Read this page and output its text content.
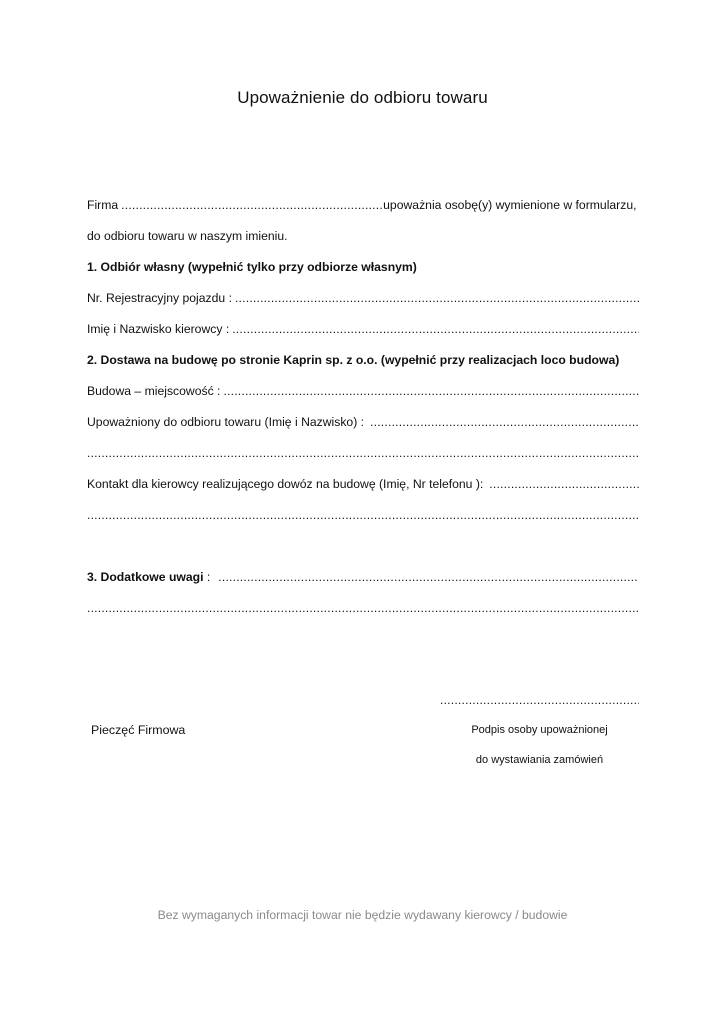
Upoważnienie do odbioru towaru
Firma.....	upoważnia osobę(y) wymienione w formularzu,
do odbioru towaru w naszym imieniu.
1. Odbiór własny (wypełnić tylko przy odbiorze własnym)
Nr. Rejestracyjny pojazdu :
.....
Imię i Nazwisko kierowcy :
.....
2. Dostawa na budowę po stronie Kaprin sp. z o.o. (wypełnić przy realizacjach loco budowa)
Budowa – miejscowość :
.....
Upoważniony do odbioru towaru (Imię i Nazwisko) :
.....
.....
Kontakt dla kierowcy realizującego dowóz na budowę (Imię, Nr telefonu ):
.....
.....
3. Dodatkowe uwagi :
.....
.....
.....
Pieczęć Firmowa	Podpis osoby upoważnionej
do wystawiania zamówień
Bez wymaganych informacji towar nie będzie wydawany kierowcy / budowie
